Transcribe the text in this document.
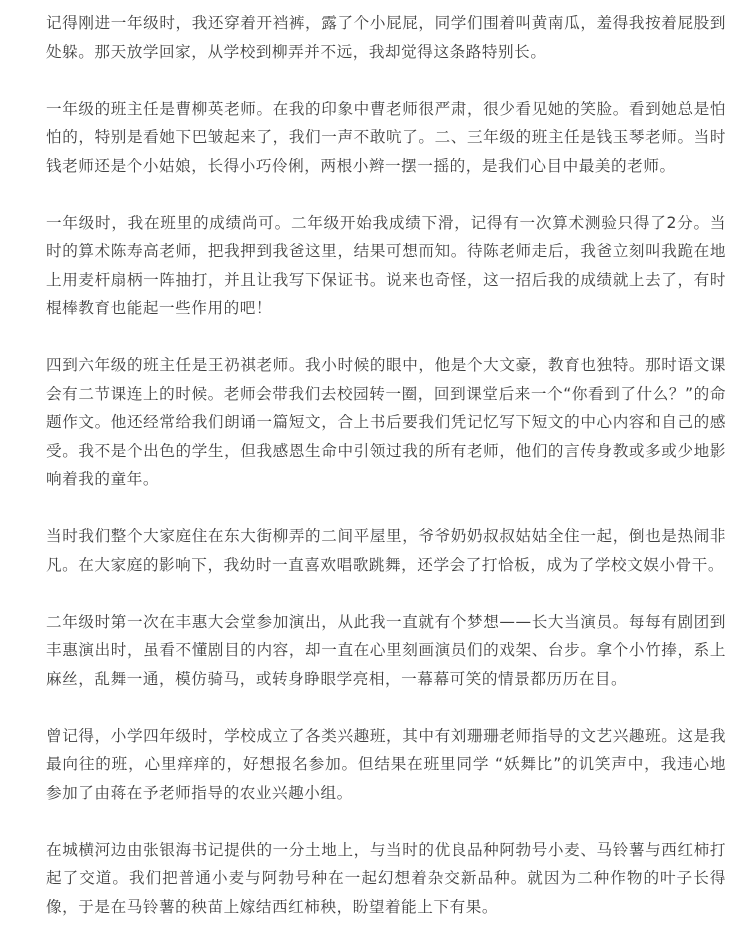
记得刚进一年级时，我还穿着开裆裤，露了个小屁屁，同学们围着叫黄南瓜，羞得我按着屁股到处躲。那天放学回家，从学校到柳弄并不远，我却觉得这条路特别长。

一年级的班主任是曹柳英老师。在我的印象中曹老师很严肃，很少看见她的笑脸。看到她总是怕怕的，特别是看她下巴皱起来了，我们一声不敢吭了。二、三年级的班主任是钱玉琴老师。当时钱老师还是个小姑娘，长得小巧伶俐，两根小辫一摆一摇的，是我们心目中最美的老师。

一年级时，我在班里的成绩尚可。二年级开始我成绩下滑，记得有一次算术测验只得了2分。当时的算术陈寿高老师，把我押到我爸这里，结果可想而知。待陈老师走后，我爸立刻叫我跪在地上用麦杆扇柄一阵抽打，并且让我写下保证书。说来也奇怪，这一招后我的成绩就上去了，有时棍棒教育也能起一些作用的吧！

四到六年级的班主任是王礽祺老师。我小时候的眼中，他是个大文豪，教育也独特。那时语文课会有二节课连上的时候。老师会带我们去校园转一圈，回到课堂后来一个“你看到了什么？”的命题作文。他还经常给我们朗诵一篇短文，合上书后要我们凭记忆写下短文的中心内容和自己的感受。我不是个出色的学生，但我感恩生命中引领过我的所有老师，他们的言传身教或多或少地影响着我的童年。

当时我们整个大家庭住在东大街柳弄的二间平屋里，爷爷奶奶叔叔姑姑全住一起，倒也是热闹非凡。在大家庭的影响下，我幼时一直喜欢唱歌跳舞，还学会了打恰板，成为了学校文娱小骨干。

二年级时第一次在丰惠大会堂参加演出，从此我一直就有个梦想——长大当演员。每每有剧团到丰惠演出时，虽看不懂剧目的内容，却一直在心里刻画演员们的戏架、台步。拿个小竹捧，系上麻丝，乱舞一通，模仿骑马，或转身睁眼学亮相，一幕幕可笑的情景都历历在目。

曾记得，小学四年级时，学校成立了各类兴趣班，其中有刘珊珊老师指导的文艺兴趣班。这是我最向往的班，心里痒痒的，好想报名参加。但结果在班里同学 “妖舞比”的讥笑声中，我违心地参加了由蒋在予老师指导的农业兴趣小组。

在城横河边由张银海书记提供的一分土地上，与当时的优良品种阿勃号小麦、马铃薯与西红柿打起了交道。我们把普通小麦与阿勃号种在一起幻想着杂交新品种。就因为二种作物的叶子长得像，于是在马铃薯的秧苗上嫁结西红柿秧，盼望着能上下有果。
